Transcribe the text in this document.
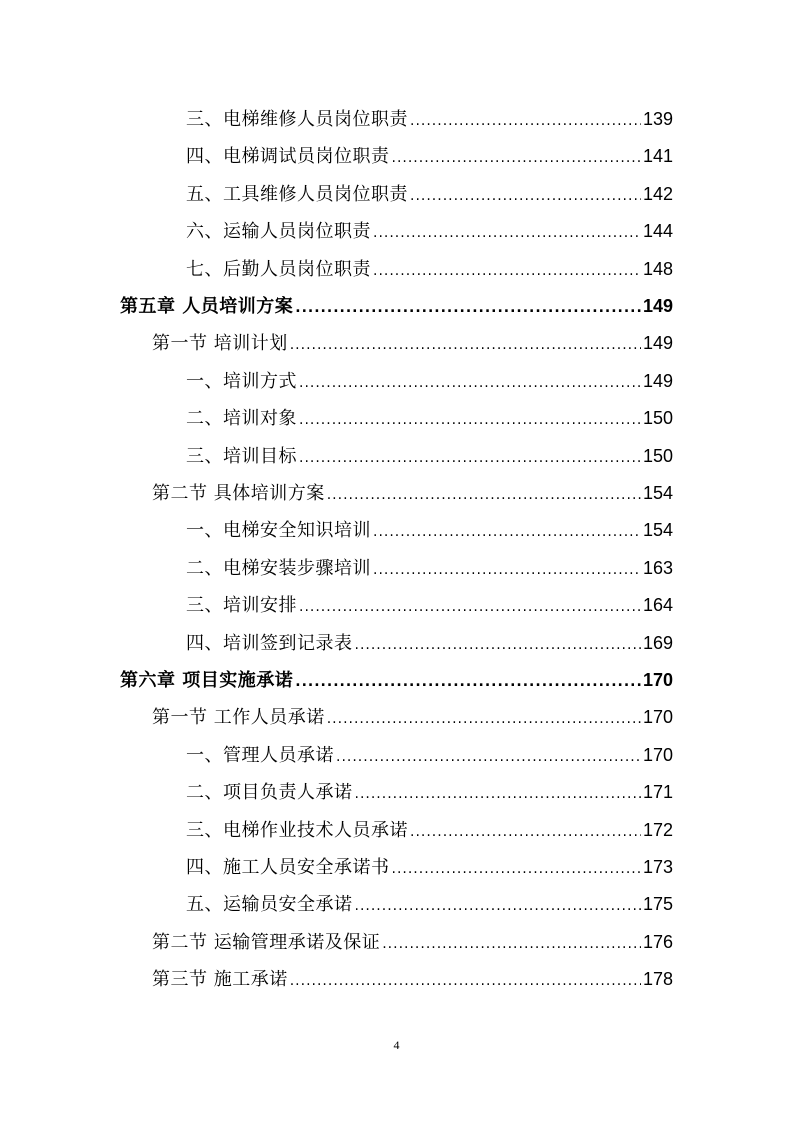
三、电梯维修人员岗位职责 .....	139
四、电梯调试员岗位职责 .....	141
五、工具维修人员岗位职责 .....	142
六、运输人员岗位职责 .....	144
七、后勤人员岗位职责 .....	148
第五章 人员培训方案 .....	149
第一节 培训计划 .....	149
一、培训方式 .....	149
二、培训对象 .....	150
三、培训目标 .....	150
第二节 具体培训方案 .....	154
一、电梯安全知识培训 .....	154
二、电梯安装步骤培训 .....	163
三、培训安排 .....	164
四、培训签到记录表 .....	169
第六章 项目实施承诺 .....	170
第一节 工作人员承诺 .....	170
一、管理人员承诺 .....	170
二、项目负责人承诺 .....	171
三、电梯作业技术人员承诺 .....	172
四、施工人员安全承诺书 .....	173
五、运输员安全承诺 .....	175
第二节 运输管理承诺及保证 .....	176
第三节 施工承诺 .....	178
4
